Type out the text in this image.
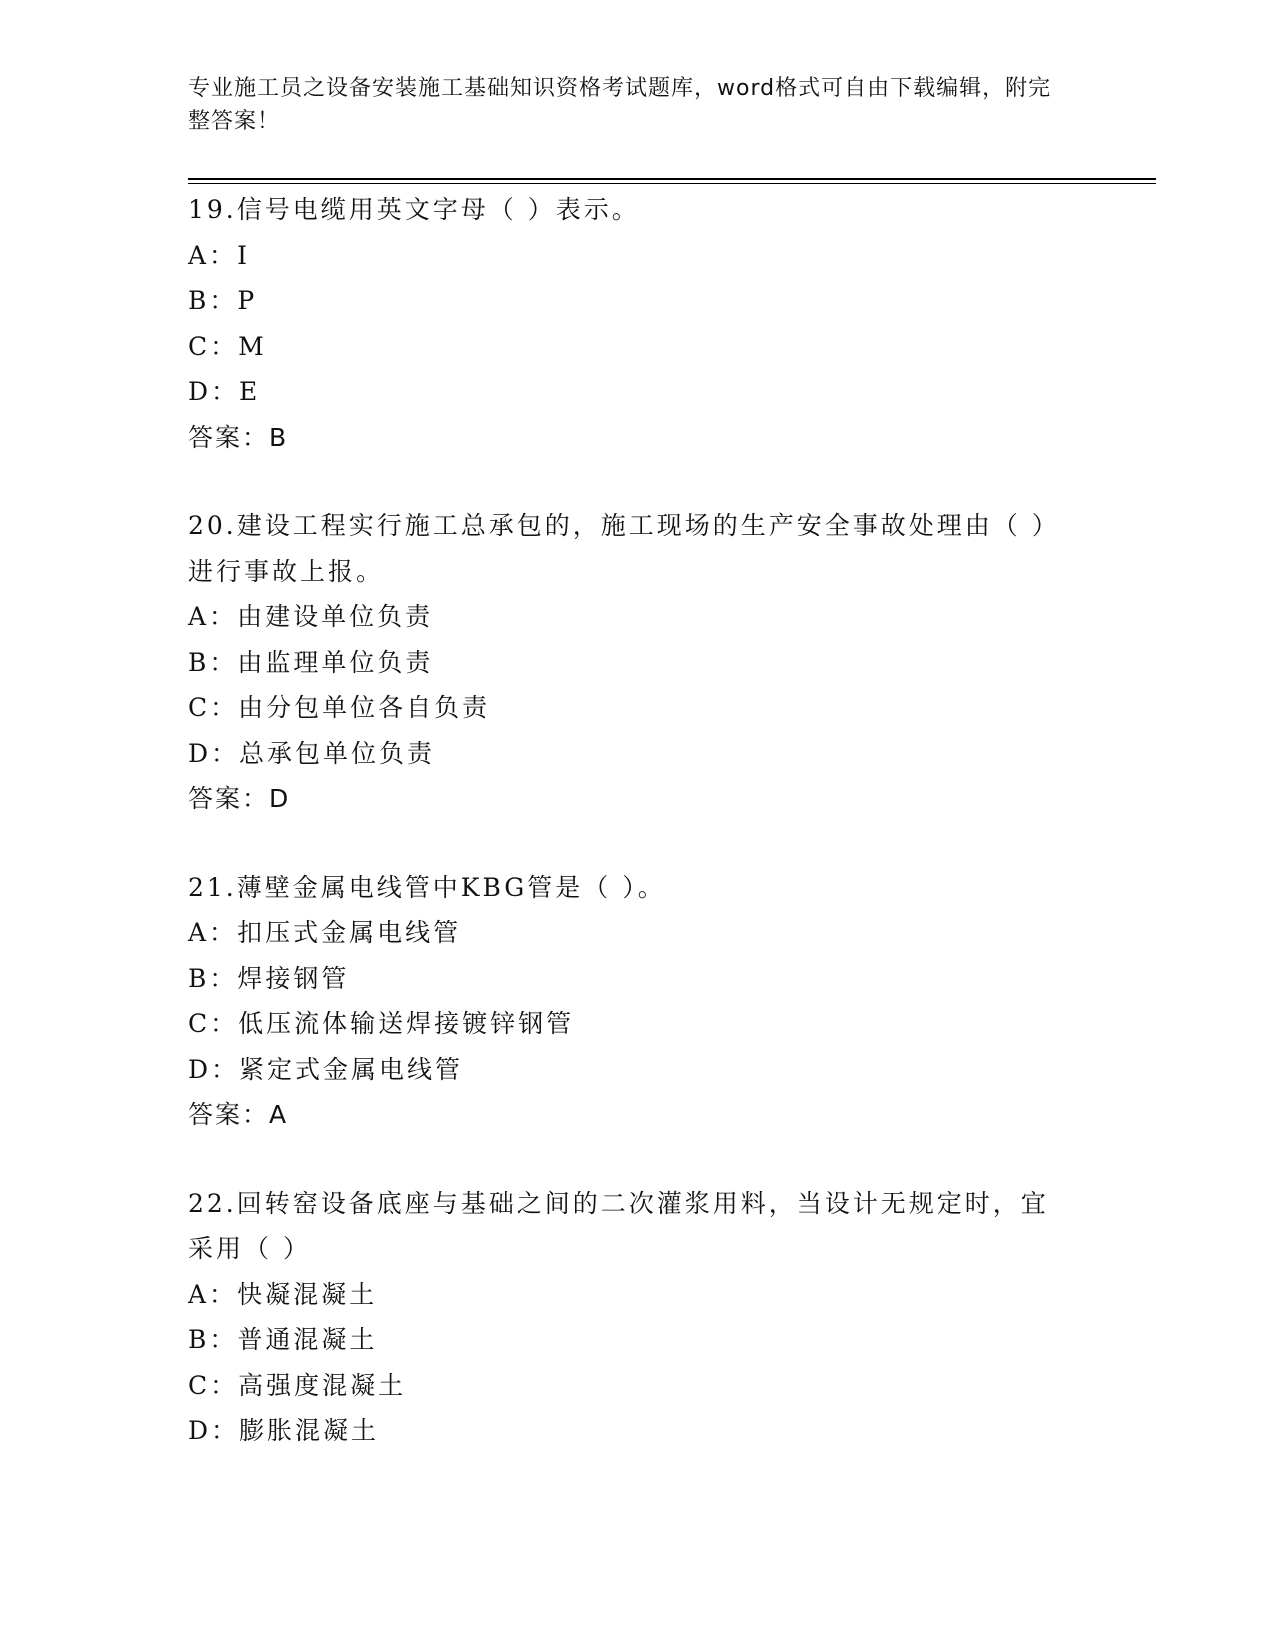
专业施工员之设备安装施工基础知识资格考试题库，word格式可自由下载编辑，附完整答案！
19.信号电缆用英文字母（ ）表示。
A：I
B：P
C：M
D：E
答案：B
20.建设工程实行施工总承包的，施工现场的生产安全事故处理由（ ）进行事故上报。
A：由建设单位负责
B：由监理单位负责
C：由分包单位各自负责
D：总承包单位负责
答案：D
21.薄壁金属电线管中KBG管是（ ）。
A：扣压式金属电线管
B：焊接钢管
C：低压流体输送焊接镀锌钢管
D：紧定式金属电线管
答案：A
22.回转窑设备底座与基础之间的二次灌浆用料，当设计无规定时，宜采用（ ）
A：快凝混凝土
B：普通混凝土
C：高强度混凝土
D：膨胀混凝土
